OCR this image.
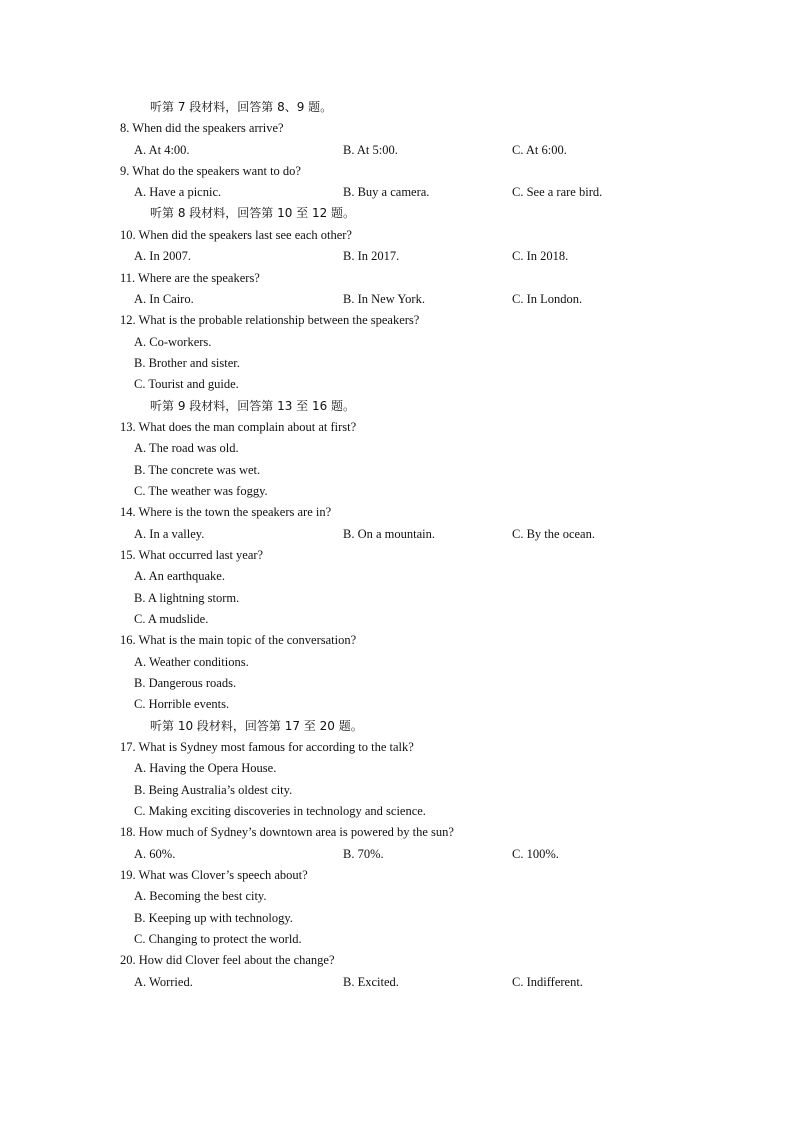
听第 7 段材料，回答第 8、9 题。
8. When did the speakers arrive?
A. At 4:00.	B. At 5:00.	C. At 6:00.
9. What do the speakers want to do?
A. Have a picnic.	B. Buy a camera.	C. See a rare bird.
听第 8 段材料，回答第 10 至 12 题。
10. When did the speakers last see each other?
A. In 2007.	B. In 2017.	C. In 2018.
11. Where are the speakers?
A. In Cairo.	B. In New York.	C. In London.
12. What is the probable relationship between the speakers?
A. Co-workers.
B. Brother and sister.
C. Tourist and guide.
听第 9 段材料，回答第 13 至 16 题。
13. What does the man complain about at first?
A. The road was old.
B. The concrete was wet.
C. The weather was foggy.
14. Where is the town the speakers are in?
A. In a valley.	B. On a mountain.	C. By the ocean.
15. What occurred last year?
A. An earthquake.
B. A lightning storm.
C. A mudslide.
16. What is the main topic of the conversation?
A. Weather conditions.
B. Dangerous roads.
C. Horrible events.
听第 10 段材料，回答第 17 至 20 题。
17. What is Sydney most famous for according to the talk?
A. Having the Opera House.
B. Being Australia’s oldest city.
C. Making exciting discoveries in technology and science.
18. How much of Sydney’s downtown area is powered by the sun?
A. 60%.	B. 70%.	C. 100%.
19. What was Clover’s speech about?
A. Becoming the best city.
B. Keeping up with technology.
C. Changing to protect the world.
20. How did Clover feel about the change?
A. Worried.	B. Excited.	C. Indifferent.
